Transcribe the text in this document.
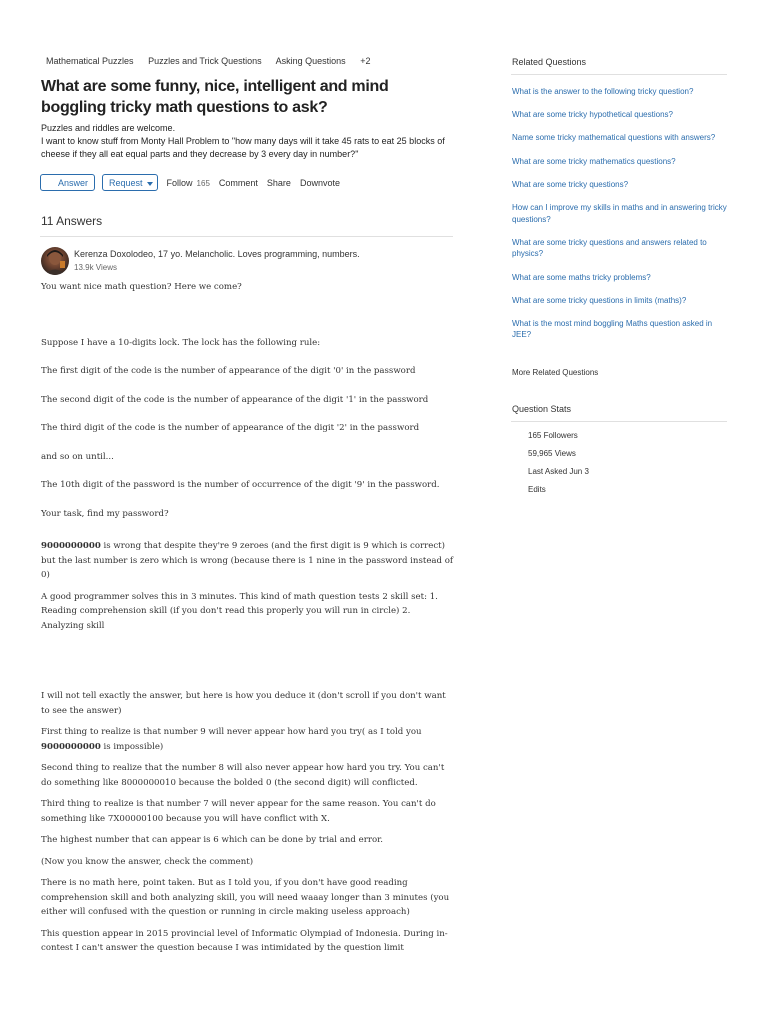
Mathematical Puzzles Puzzles and Trick Questions Asking Questions +2
What are some funny, nice, intelligent and mind boggling tricky math questions to ask?

Puzzles and riddles are welcome.

I want to know stuff from Monty Hall Problem to "how many days will it take 45 rats to eat 25 blocks of cheese if they all eat equal parts and they decrease by 3 every day in number?"

Answer	Request	Follow 165 Comment Share Downvote
11 Answers
Kerenza Doxolodeo, 17 yo. Melancholic. Loves programming, numbers.
13.9k Views

You want nice math question? Here we come?

Suppose I have a 10-digits lock. The lock has the following rule:

The first digit of the code is the number of appearance of the digit '0' in the password

The second digit of the code is the number of appearance of the digit '1' in the password

The third digit of the code is the number of appearance of the digit '2' in the password

and so on until...

The 10th digit of the password is the number of occurrence of the digit '9' in the password.

Your task, find my password?

9000000000 is wrong that despite they're 9 zeroes (and the first digit is 9 which is correct) but the last number is zero which is wrong (because there is 1 nine in the password instead of 0)

A good programmer solves this in 3 minutes. This kind of math question tests 2 skill set: 1. Reading comprehension skill (if you don't read this properly you will run in circle) 2. Analyzing skill

I will not tell exactly the answer, but here is how you deduce it (don't scroll if you don't want to see the answer)

First thing to realize is that number 9 will never appear how hard you try( as I told you 9000000000 is impossible)

Second thing to realize that the number 8 will also never appear how hard you try. You can't do something like 8000000010 because the bolded 0 (the second digit) will conflicted.

Third thing to realize is that number 7 will never appear for the same reason. You can't do something like 7X00000100 because you will have conflict with X.

The highest number that can appear is 6 which can be done by trial and error.

(Now you know the answer, check the comment)

There is no math here, point taken. But as I told you, if you don't have good reading comprehension skill and both analyzing skill, you will need waaay longer than 3 minutes (you either will confused with the question or running in circle making useless approach)

This question appear in 2015 provincial level of Informatic Olympiad of Indonesia. During in-contest I can't answer the question because I was intimidated by the question limit

Related Questions
What is the answer to the following tricky question?
What are some tricky hypothetical questions?
Name some tricky mathematical questions with answers?
What are some tricky mathematics questions?
What are some tricky questions?
How can I improve my skills in maths and in answering tricky questions?
What are some tricky questions and answers related to physics?
What are some maths tricky problems?
What are some tricky questions in limits (maths)?
What is the most mind boggling Maths question asked in JEE?
More Related Questions
Question Stats
165 Followers
59,965 Views
Last Asked Jun 3
Edits
